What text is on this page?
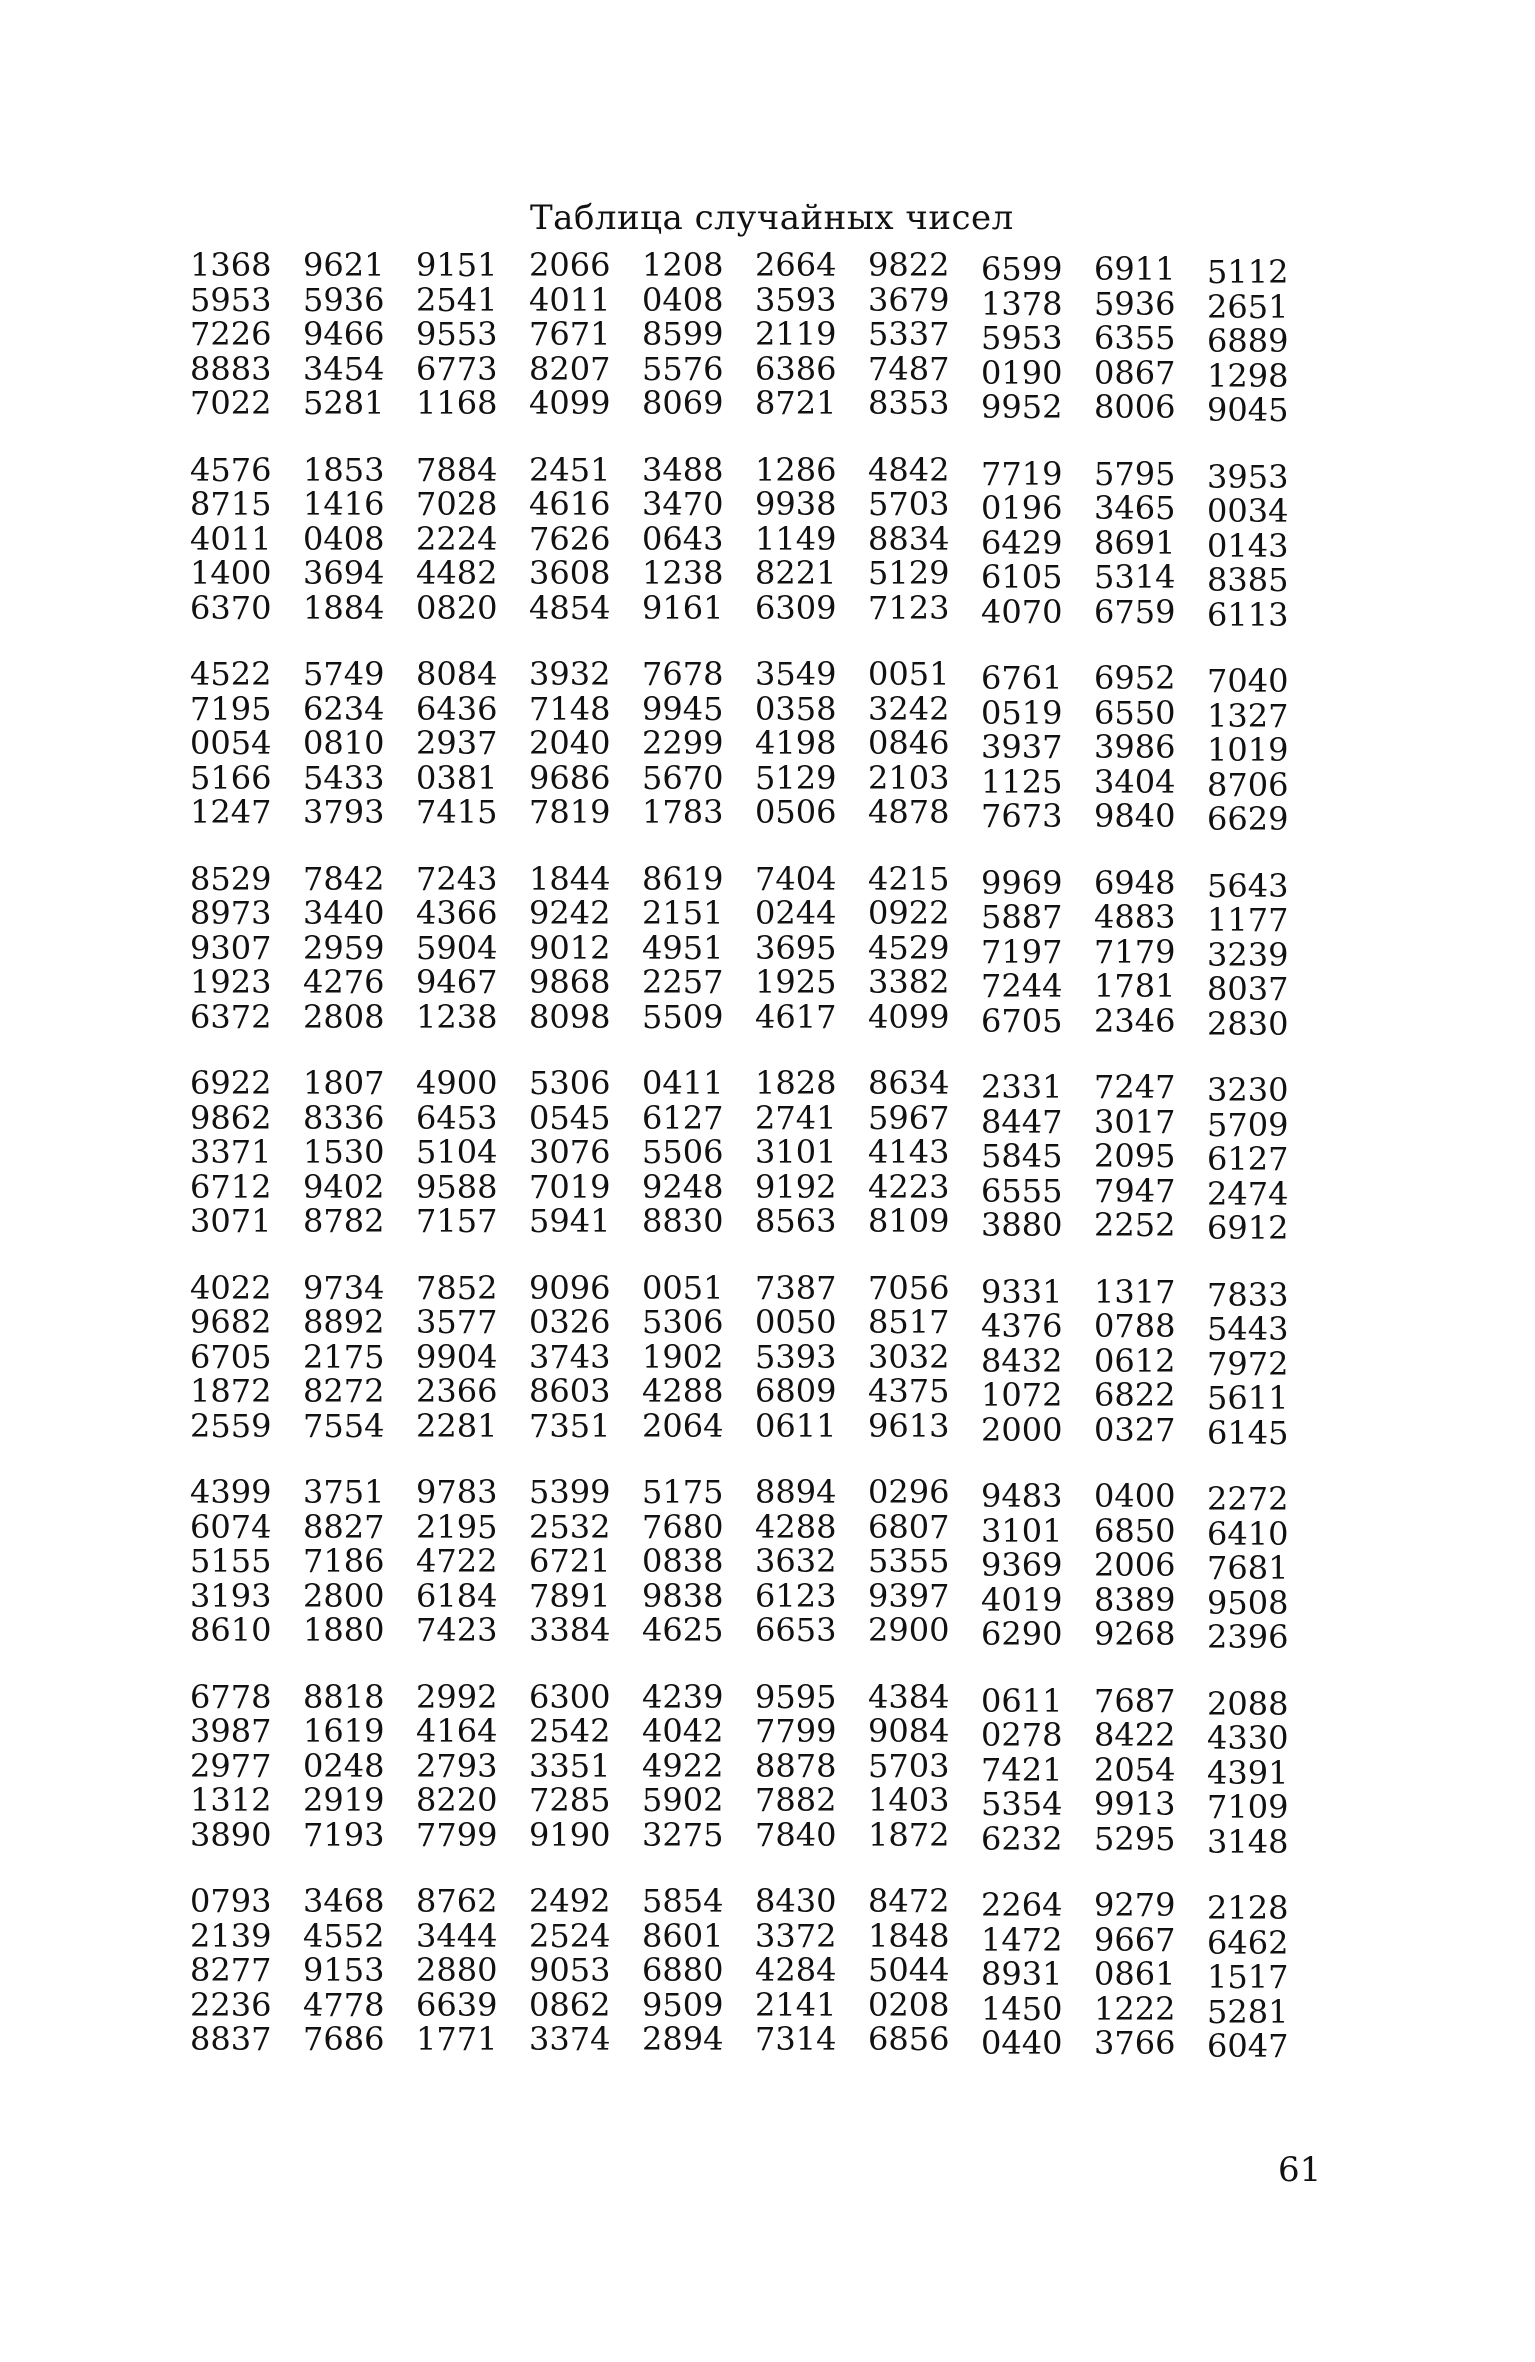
Таблица случайных чисел
1368 9621 9151 2066 1208 2664 9822 6599 6911 5112
5953 5936 2541 4011 0408 3593 3679 1378 5936 2651
7226 9466 9553 7671 8599 2119 5337 5953 6355 6889
8883 3454 6773 8207 5576 6386 7487 0190 0867 1298
7022 5281 1168 4099 8069 8721 8353 9952 8006 9045
4576 1853 7884 2451 3488 1286 4842 7719 5795 3953
8715 1416 7028 4616 3470 9938 5703 0196 3465 0034
4011 0408 2224 7626 0643 1149 8834 6429 8691 0143
1400 3694 4482 3608 1238 8221 5129 6105 5314 8385
6370 1884 0820 4854 9161 6309 7123 4070 6759 6113
4522 5749 8084 3932 7678 3549 0051 6761 6952 7040
7195 6234 6436 7148 9945 0358 3242 0519 6550 1327
0054 0810 2937 2040 2299 4198 0846 3937 3986 1019
5166 5433 0381 9686 5670 5129 2103 1125 3404 8706
1247 3793 7415 7819 1783 0506 4878 7673 9840 6629
8529 7842 7243 1844 8619 7404 4215 9969 6948 5643
8973 3440 4366 9242 2151 0244 0922 5887 4883 1177
9307 2959 5904 9012 4951 3695 4529 7197 7179 3239
1923 4276 9467 9868 2257 1925 3382 7244 1781 8037
6372 2808 1238 8098 5509 4617 4099 6705 2346 2830
6922 1807 4900 5306 0411 1828 8634 2331 7247 3230
9862 8336 6453 0545 6127 2741 5967 8447 3017 5709
3371 1530 5104 3076 5506 3101 4143 5845 2095 6127
6712 9402 9588 7019 9248 9192 4223 6555 7947 2474
3071 8782 7157 5941 8830 8563 8109 3880 2252 6912
4022 9734 7852 9096 0051 7387 7056 9331 1317 7833
9682 8892 3577 0326 5306 0050 8517 4376 0788 5443
6705 2175 9904 3743 1902 5393 3032 8432 0612 7972
1872 8272 2366 8603 4288 6809 4375 1072 6822 5611
2559 7554 2281 7351 2064 0611 9613 2000 0327 6145
4399 3751 9783 5399 5175 8894 0296 9483 0400 2272
6074 8827 2195 2532 7680 4288 6807 3101 6850 6410
5155 7186 4722 6721 0838 3632 5355 9369 2006 7681
3193 2800 6184 7891 9838 6123 9397 4019 8389 9508
8610 1880 7423 3384 4625 6653 2900 6290 9268 2396
6778 8818 2992 6300 4239 9595 4384 0611 7687 2088
3987 1619 4164 2542 4042 7799 9084 0278 8422 4330
2977 0248 2793 3351 4922 8878 5703 7421 2054 4391
1312 2919 8220 7285 5902 7882 1403 5354 9913 7109
3890 7193 7799 9190 3275 7840 1872 6232 5295 3148
0793 3468 8762 2492 5854 8430 8472 2264 9279 2128
2139 4552 3444 2524 8601 3372 1848 1472 9667 6462
8277 9153 2880 9053 6880 4284 5044 8931 0861 1517
2236 4778 6639 0862 9509 2141 0208 1450 1222 5281
8837 7686 1771 3374 2894 7314 6856 0440 3766 6047
61
